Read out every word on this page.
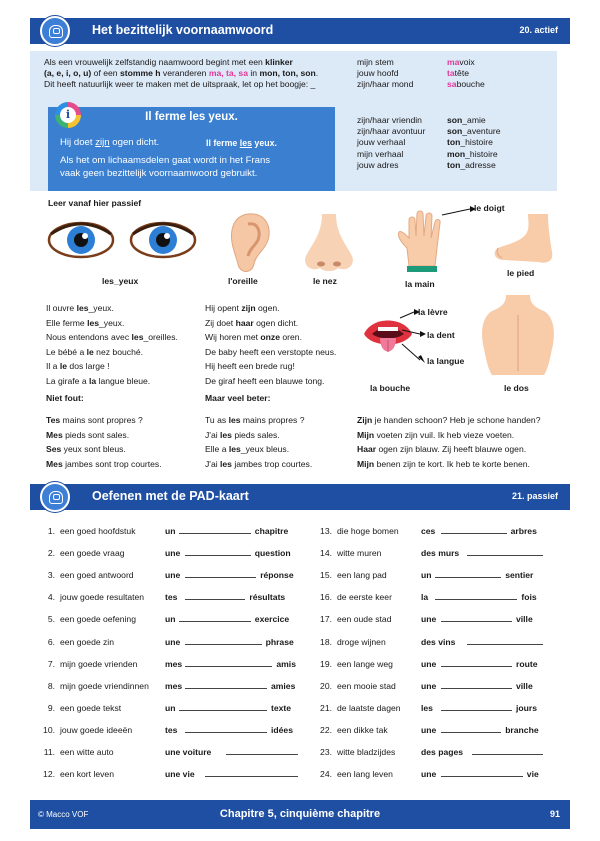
Het bezittelijk voornaamwoord	20. actief
Als een vrouwelijk zelfstandig naamwoord begint met een klinker
(a, e, i, o, u) of een stomme h veranderen ma, ta, sa in mon, ton, son.
Dit heeft natuurlijk weer te maken met de uitspraak, let op het boogje: _
mijn stem	ma voix
jouw hoofd	ta tête
zijn/haar mond	sa bouche
zijn/haar vriendin	son _amie
zijn/haar avontuur	son _aventure
jouw verhaal	ton _histoire
mijn verhaal	mon _histoire
jouw adres	ton _adresse
Il ferme les yeux.
Hij doet zijn ogen dicht.	Il ferme les yeux.
Als het om lichaamsdelen gaat wordt in het Frans
vaak geen bezittelijk voornaamwoord gebruikt.
i
Leer vanaf hier passief
les_yeux	l'oreille	le nez	la main
le doigt
le pied
Il ouvre les_yeux.
Elle ferme les_yeux.
Nous entendons avec les_oreilles.
Le bébé a le nez bouché.
Il a le dos large !
La girafe a la langue bleue.
Hij opent zijn ogen.
Zij doet haar ogen dicht.
Wij horen met onze oren.
De baby heeft een verstopte neus.
Hij heeft een brede rug!
De giraf heeft een blauwe tong.
la lèvre
la dent
la langue
la bouche	le dos
Niet fout:	Maar veel beter:
Tes mains sont propres ?
Mes pieds sont sales.
Ses yeux sont bleus.
Mes jambes sont trop courtes.
Tu as les mains propres ?
J'ai les pieds sales.
Elle a les_yeux bleus.
J'ai les jambes trop courtes.
Zijn je handen schoon? Heb je schone handen?
Mijn voeten zijn vuil. Ik heb vieze voeten.
Haar ogen zijn blauw. Zij heeft blauwe ogen.
Mijn benen zijn te kort. Ik heb te korte benen.
Oefenen met de PAD-kaart	21. passief
1. een goed hoofdstuk	un	chapitre
2. een goede vraag	une	question
3. een goed antwoord	une	réponse
4. jouw goede resultaten tes	résultats
5. een goede oefening	un	exercice
6. een goede zin	une	phrase
7. mijn goede vrienden	mes	amis
8. mijn goede vriendinnen mes	amies
9. een goede tekst	un	texte
10. jouw goede ideeën	tes	idées
11. een witte auto	une voiture
12. een kort leven	une vie
13. die hoge bomen	ces	arbres
14. witte muren	des murs
15. een lang pad	un	sentier
16. de eerste keer	la	fois
17. een oude stad	une	ville
18. droge wijnen	des vins
19. een lange weg	une	route
20. een mooie stad	une	ville
21. de laatste dagen les	jours
22. een dikke tak	une	branche
23. witte bladzijdes	des pages
24. een lang leven	une	vie
© Macco VOF	Chapitre 5, cinquième chapitre	91
